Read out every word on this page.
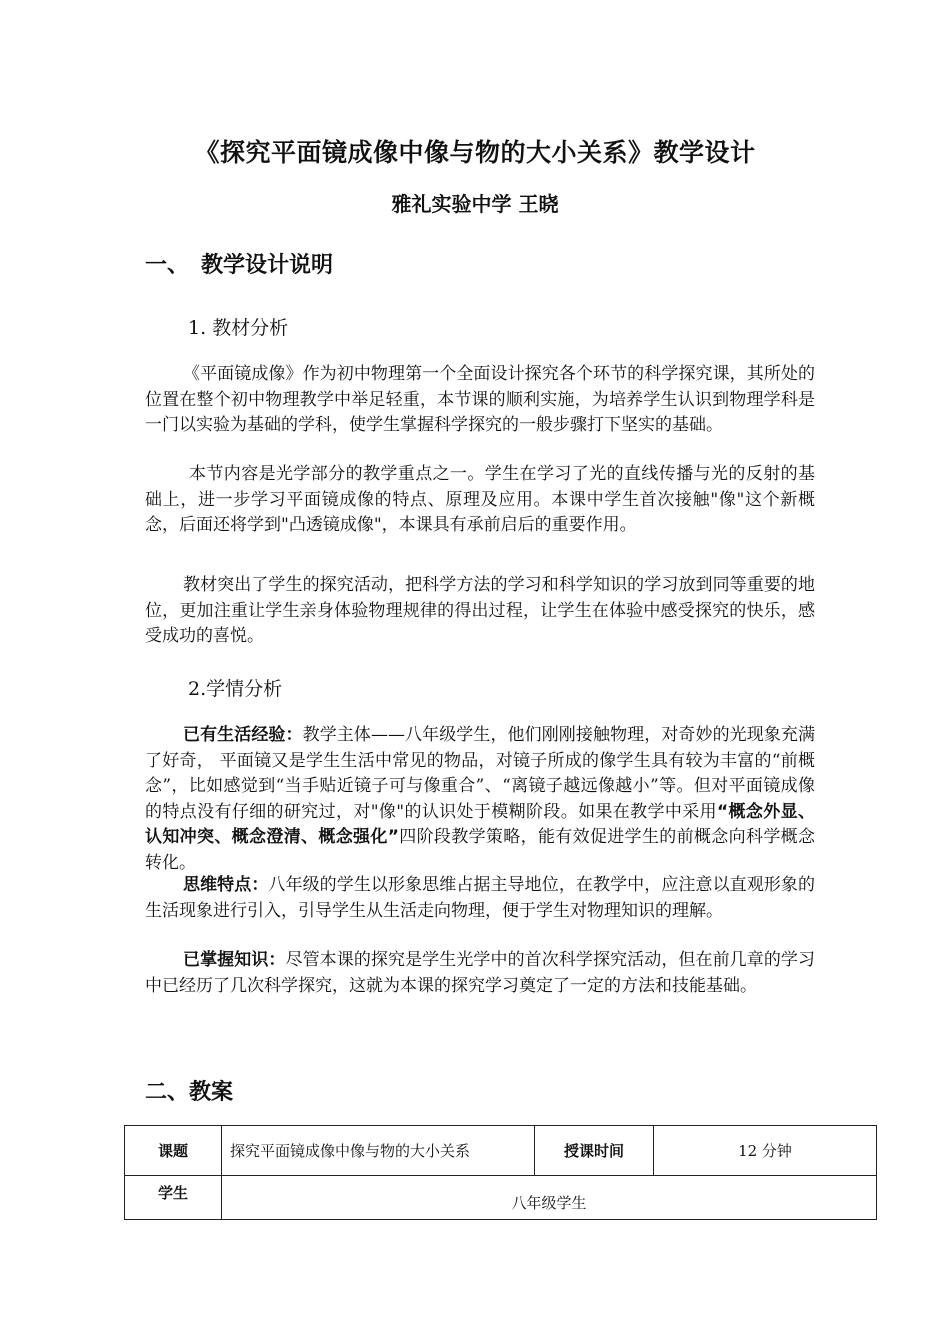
《探究平面镜成像中像与物的大小关系》教学设计
雅礼实验中学 王晓
一、 教学设计说明
1. 教材分析
《平面镜成像》作为初中物理第一个全面设计探究各个环节的科学探究课，其所处的位置在整个初中物理教学中举足轻重，本节课的顺利实施，为培养学生认识到物理学科是一门以实验为基础的学科，使学生掌握科学探究的一般步骤打下坚实的基础。
本节内容是光学部分的教学重点之一。学生在学习了光的直线传播与光的反射的基础上，进一步学习平面镜成像的特点、原理及应用。本课中学生首次接触"像"这个新概念，后面还将学到"凸透镜成像"，本课具有承前启后的重要作用。
教材突出了学生的探究活动，把科学方法的学习和科学知识的学习放到同等重要的地位，更加注重让学生亲身体验物理规律的得出过程，让学生在体验中感受探究的快乐，感受成功的喜悦。
2.学情分析
已有生活经验：教学主体——八年级学生，他们刚刚接触物理，对奇妙的光现象充满了好奇， 平面镜又是学生生活中常见的物品，对镜子所成的像学生具有较为丰富的“前概念”，比如感觉到“当手贴近镜子可与像重合”、“离镜子越远像越小”等。但对平面镜成像的特点没有仔细的研究过，对"像"的认识处于模糊阶段。如果在教学中采用“概念外显、认知冲突、概念澄清、概念强化”四阶段教学策略，能有效促进学生的前概念向科学概念转化。
思维特点：八年级的学生以形象思维占据主导地位，在教学中，应注意以直观形象的生活现象进行引入，引导学生从生活走向物理，便于学生对物理知识的理解。
已掌握知识：尽管本课的探究是学生光学中的首次科学探究活动，但在前几章的学习中已经历了几次科学探究，这就为本课的探究学习奠定了一定的方法和技能基础。
二、教案
课题	探究平面镜成像中像与物的大小关系	授课时间	12 分钟
学生	八年级学生		
